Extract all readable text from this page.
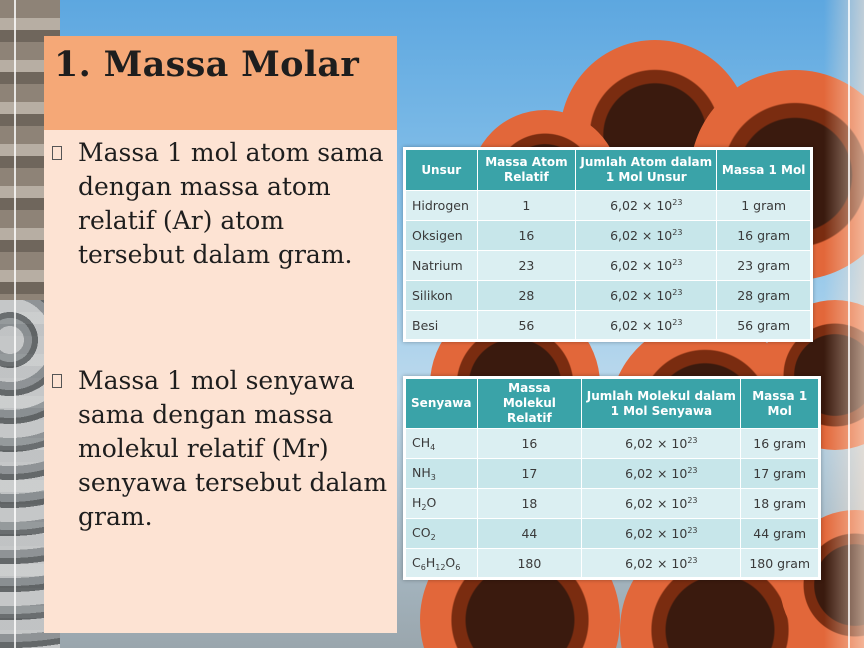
1. Massa Molar

Massa 1 mol atom sama dengan massa atom relatif (Ar) atom tersebut dalam gram.

Massa 1 mol senyawa sama dengan massa molekul relatif (Mr) senyawa tersebut dalam gram.

Unsur	Massa Atom Relatif	Jumlah Atom dalam 1 Mol Unsur	Massa 1 Mol
Hidrogen	1	$6,02 \times 10^{23}$	1 gram
Oksigen	16	$6,02 \times 10^{23}$	16 gram
Natrium	23	$6,02 \times 10^{23}$	23 gram
Silikon	28	$6,02 \times 10^{23}$	28 gram
Besi	56	$6,02 \times 10^{23}$	56 gram
Senyawa	Massa Molekul Relatif	Jumlah Molekul dalam 1 Mol Senyawa	Massa 1 Mol
$CH_4$	16	$6,02 \times 10^{23}$	16 gram
$NH_3$	17	$6,02 \times 10^{23}$	17 gram
$H_2O$	18	$6,02 \times 10^{23}$	18 gram
$CO_2$	44	$6,02 \times 10^{23}$	44 gram
$C_6H_{12}O_6$	180	$6,02 \times 10^{23}$	180 gram
